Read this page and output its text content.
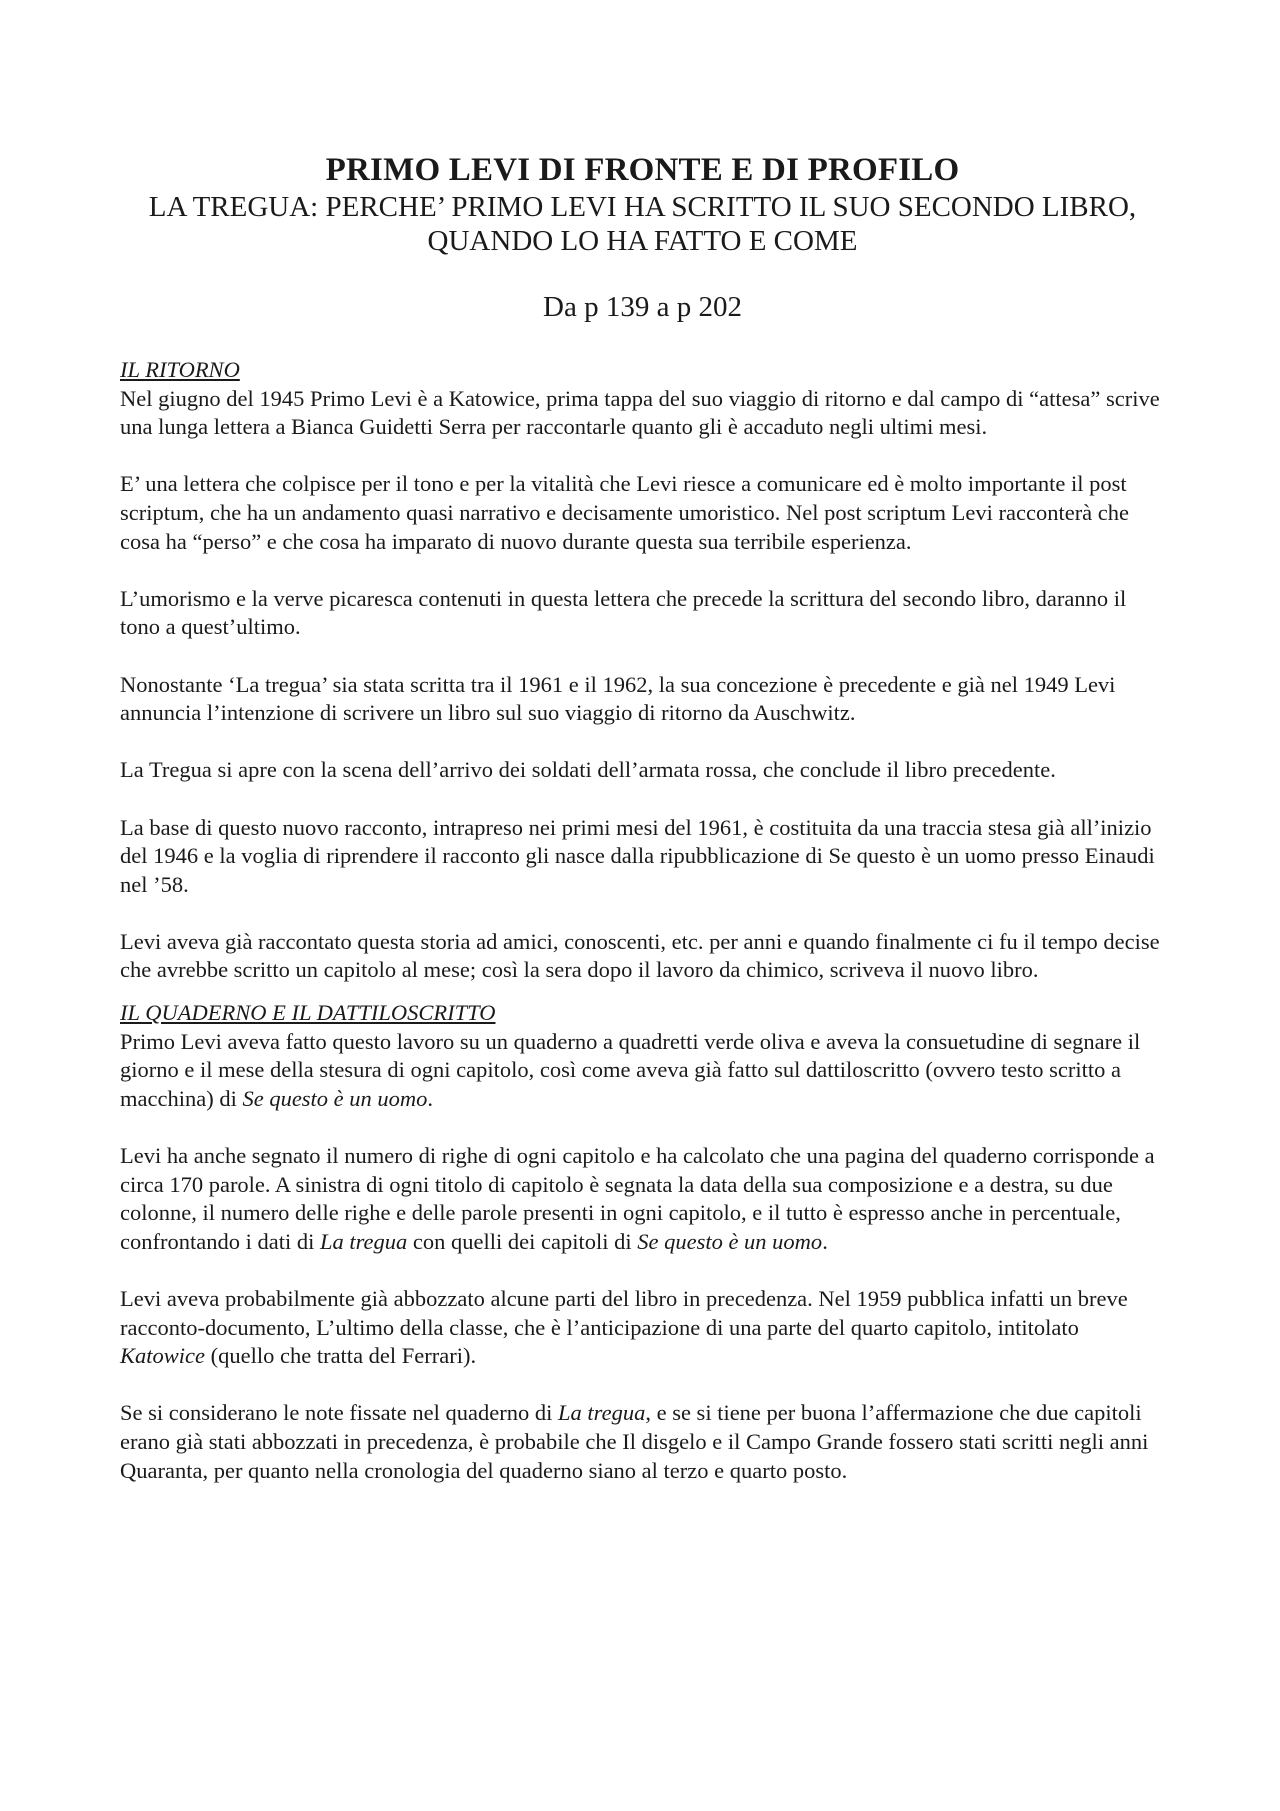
PRIMO LEVI DI FRONTE E DI PROFILO
LA TREGUA: PERCHE’ PRIMO LEVI HA SCRITTO IL SUO SECONDO LIBRO,
QUANDO LO HA FATTO E COME
Da p 139 a p 202
IL RITORNO

Nel giugno del 1945 Primo Levi è a Katowice, prima tappa del suo viaggio di ritorno e dal campo di “attesa” scrive una lunga lettera a Bianca Guidetti Serra per raccontarle quanto gli è accaduto negli ultimi mesi.

E’ una lettera che colpisce per il tono e per la vitalità che Levi riesce a comunicare ed è molto importante il post scriptum, che ha un andamento quasi narrativo e decisamente umoristico. Nel post scriptum Levi racconterà che cosa ha “perso” e che cosa ha imparato di nuovo durante questa sua terribile esperienza.

L’umorismo e la verve picaresca contenuti in questa lettera che precede la scrittura del secondo libro, daranno il tono a quest’ultimo.

Nonostante ‘La tregua’ sia stata scritta tra il 1961 e il 1962, la sua concezione è precedente e già nel 1949 Levi annuncia l’intenzione di scrivere un libro sul suo viaggio di ritorno da Auschwitz.

La Tregua si apre con la scena dell’arrivo dei soldati dell’armata rossa, che conclude il libro precedente.

La base di questo nuovo racconto, intrapreso nei primi mesi del 1961, è costituita da una traccia stesa già all’inizio del 1946 e la voglia di riprendere il racconto gli nasce dalla ripubblicazione di Se questo è un uomo presso Einaudi nel ’58.

Levi aveva già raccontato questa storia ad amici, conoscenti, etc. per anni e quando finalmente ci fu il tempo decise che avrebbe scritto un capitolo al mese; così la sera dopo il lavoro da chimico, scriveva il nuovo libro.

IL QUADERNO E IL DATTILOSCRITTO

Primo Levi aveva fatto questo lavoro su un quaderno a quadretti verde oliva e aveva la consuetudine di segnare il giorno e il mese della stesura di ogni capitolo, così come aveva già fatto sul dattiloscritto (ovvero testo scritto a macchina) di Se questo è un uomo.

Levi ha anche segnato il numero di righe di ogni capitolo e ha calcolato che una pagina del quaderno corrisponde a circa 170 parole. A sinistra di ogni titolo di capitolo è segnata la data della sua composizione e a destra, su due colonne, il numero delle righe e delle parole presenti in ogni capitolo, e il tutto è espresso anche in percentuale, confrontando i dati di La tregua con quelli dei capitoli di Se questo è un uomo.

Levi aveva probabilmente già abbozzato alcune parti del libro in precedenza. Nel 1959 pubblica infatti un breve racconto-documento, L’ultimo della classe, che è l’anticipazione di una parte del quarto capitolo, intitolato Katowice (quello che tratta del Ferrari).

Se si considerano le note fissate nel quaderno di La tregua, e se si tiene per buona l’affermazione che due capitoli erano già stati abbozzati in precedenza, è probabile che Il disgelo e il Campo Grande fossero stati scritti negli anni Quaranta, per quanto nella cronologia del quaderno siano al terzo e quarto posto.
